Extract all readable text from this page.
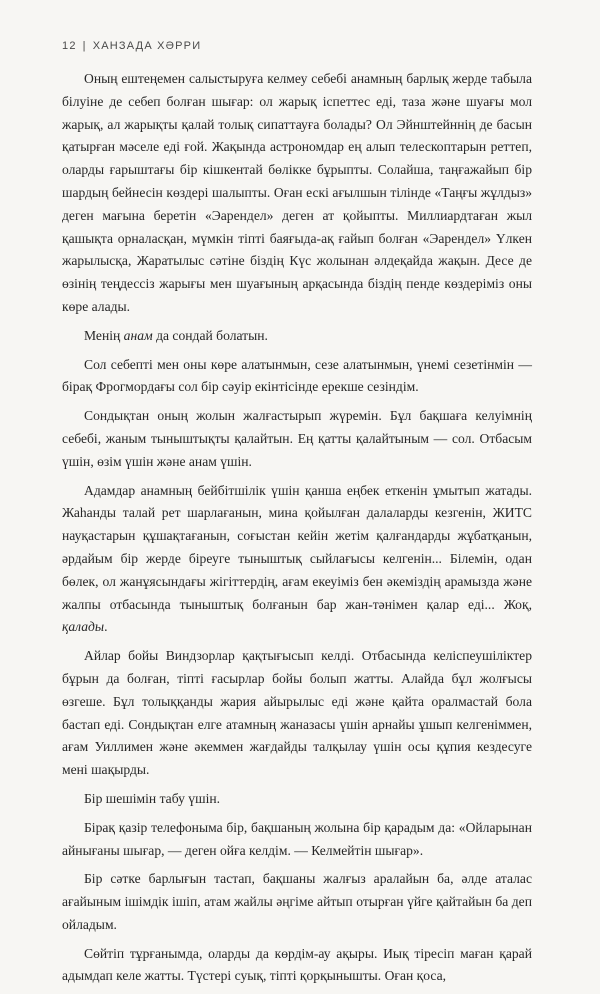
12 | ХАНЗАДА ХӘРРИ

Оның ештеңемен салыстыруға келмеу себебі анамның барлық жерде табыла білуіне де себеп болған шығар: ол жарық іспеттес еді, таза және шуағы мол жарық, ал жарықты қалай толық сипаттауға болады? Ол Эйнштейннің де басын қатырған мәселе еді ғой. Жақында астрономдар ең алып телескоптарын реттеп, оларды ғарыштағы бір кішкентай бөлікке бұрыпты. Солайша, таңғажайып бір шардың бейнесін көздері шалыпты. Оған ескі ағылшын тілінде «Таңғы жұлдыз» деген мағына беретін «Эарендел» деген ат қойыпты. Миллиардтаған жыл қашықта орналасқан, мүмкін тіпті баяғыда-ақ ғайып болған «Эарендел» Үлкен жарылысқа, Жаратылыс сәтіне біздің Күс жолынан әлдеқайда жақын. Десе де өзінің теңдессіз жарығы мен шуағының арқасында біздің пенде көздеріміз оны көре алады.

Менің анам да сондай болатын.

Сол себепті мен оны көре алатынмын, сезе алатынмын, үнемі сезетінмін — бірақ Фрогмордағы сол бір сәуір екінтісінде ерекше сезіндім.

Сондықтан оның жолын жалғастырып жүремін. Бұл бақшаға келуімнің себебі, жаным тыныштықты қалайтын. Ең қатты қалайтыным — сол. Отбасым үшін, өзім үшін және анам үшін.

Адамдар анамның бейбітшілік үшін қанша еңбек еткенін ұмытып жатады. Жаһанды талай рет шарлағанын, мина қойылған далаларды кезгенін, ЖИТС науқастарын құшақтағанын, соғыстан кейін жетім қалғандарды жұбатқанын, әрдайым бір жерде біреуге тыныштық сыйлағысы келгенін... Білемін, одан бөлек, ол жанұясындағы жігіттердің, ағам екеуіміз бен әкеміздің арамызда және жалпы отбасында тыныштық болғанын бар жан-тәнімен қалар еді... Жоқ, қалады.

Айлар бойы Виндзорлар қақтығысып келді. Отбасында келіспеушіліктер бұрын да болған, тіпті ғасырлар бойы болып жатты. Алайда бұл жолғысы өзгеше. Бұл толыққанды жария айырылыс еді және қайта оралмастай бола бастап еді. Сондықтан елге атамның жаназасы үшін арнайы ұшып келгеніммен, ағам Уиллимен және әкеммен жағдайды талқылау үшін осы құпия кездесуге мені шақырды.

Бір шешімін табу үшін.

Бірақ қазір телефоныма бір, бақшаның жолына бір қарадым да: «Ойларынан айнығаны шығар, — деген ойға келдім. — Келмейтін шығар».

Бір сәтке барлығын тастап, бақшаны жалғыз аралайын ба, әлде аталас ағайыным ішімдік ішіп, атам жайлы әңгіме айтып отырған үйге қайтайын ба деп ойладым.

Сөйтіп тұрғанымда, оларды да көрдім-ау ақыры. Иық тіресіп маған қарай адымдап келе жатты. Түстері суық, тіпті қорқынышты. Оған қоса,
